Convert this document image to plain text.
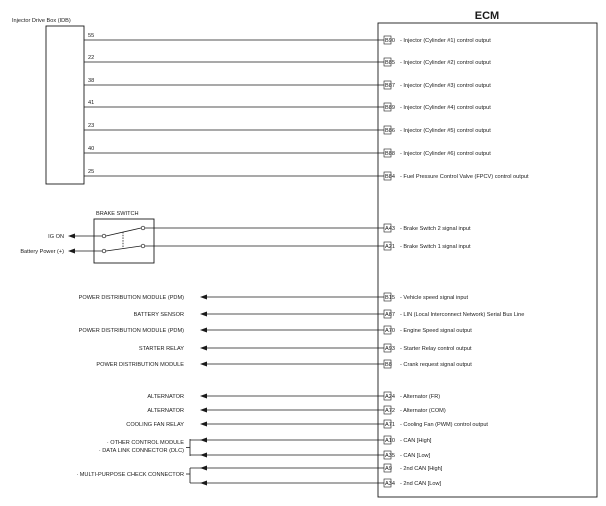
ECM
Injector Drive Box (IDB)
55
B90 - Injector (Cylinder #1) control output
22
B85 - Injector (Cylinder #2) control output
38
B87 - Injector (Cylinder #3) control output
41
B89 - Injector (Cylinder #4) control output
23
B86 - Injector (Cylinder #5) control output
40
B88 - Injector (Cylinder #6) control output
25
B84 - Fuel Pressure Control Valve (FPCV) control output
BRAKE SWITCH
IG ON
Battery Power (+)
A43 - Brake Switch 2 signal input
A21 - Brake Switch 1 signal input
POWER DISTRIBUTION MODULE (PDM)	B15 - Vehicle speed signal input
BATTERY SENSOR	A87 - LIN (Local Interconnect Network) Serial Bus Line
POWER DISTRIBUTION MODULE (PDM)	A70 - Engine Speed signal output
STARTER RELAY	A93 - Starter Relay control output
POWER DISTRIBUTION MODULE	B8 - Crank request signal output
ALTERNATOR	A24 - Alternator (FR)
ALTERNATOR	A72 - Alternator (COM)
COOLING FAN RELAY	A71 - Cooling Fan (PWM) control output
· OTHER CONTROL MODULE
· DATA LINK CONNECTOR (DLC)
A10 - CAN [High]
A35 - CAN [Low]
· MULTI-PURPOSE CHECK CONNECTOR
A9 - 2nd CAN [High]
A34 - 2nd CAN [Low]
